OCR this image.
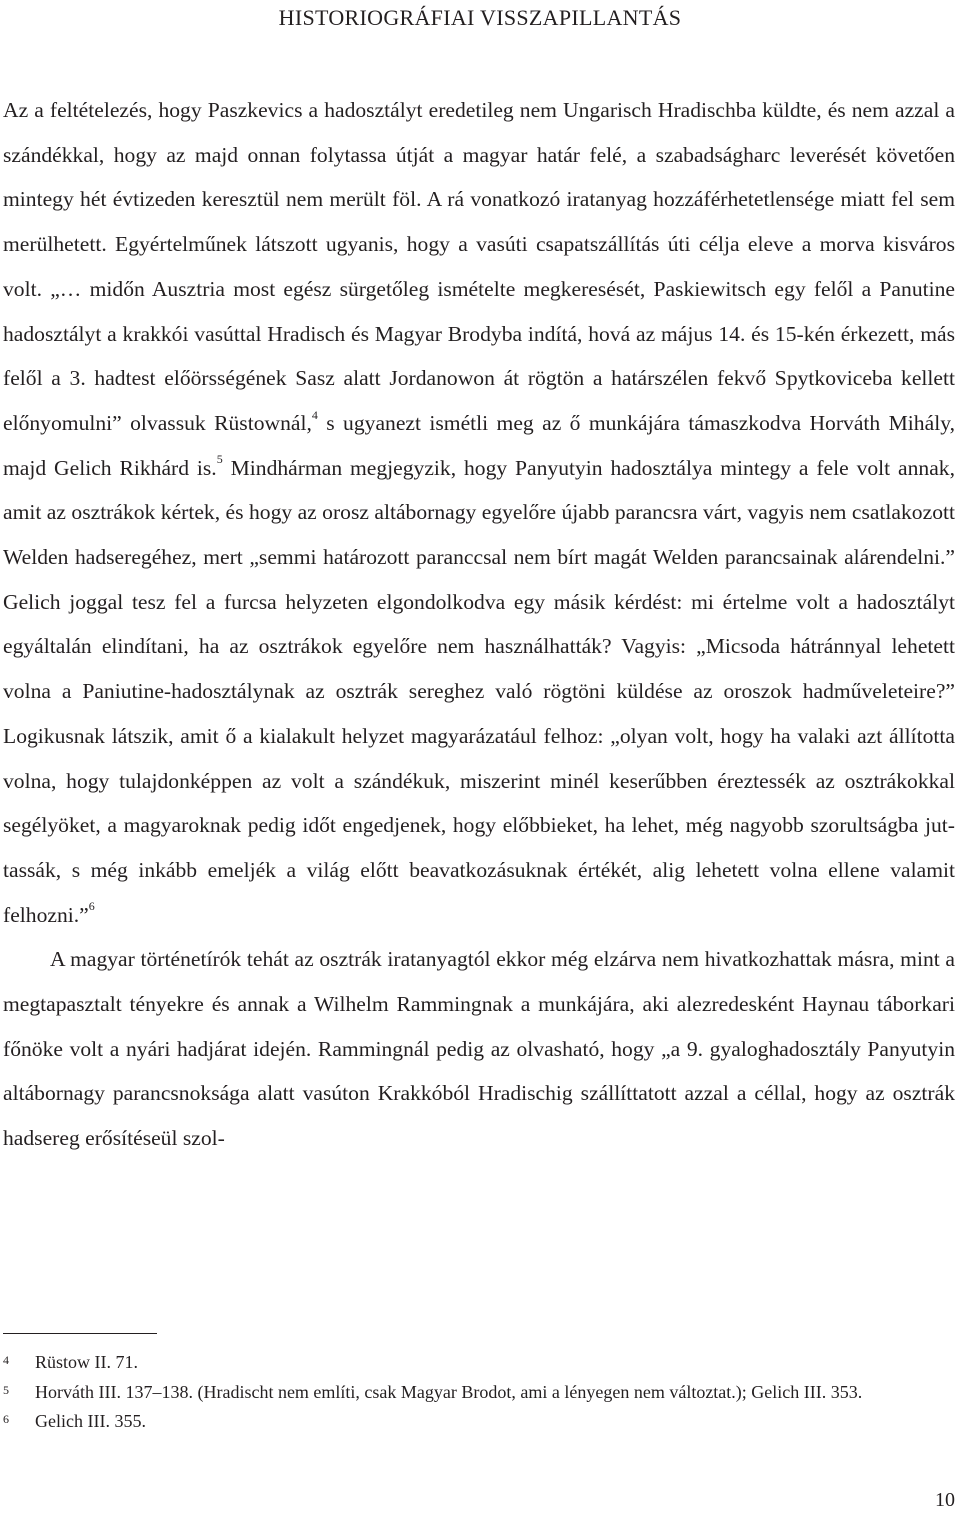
HISTORIOGRÁFIAI VISSZAPILLANTÁS

Az a feltételezés, hogy Paszkevics a hadosztályt eredetileg nem Ungarisch Hradischba küldte, és nem azzal a szándékkal, hogy az majd onnan folytassa útját a magyar határ felé, a szabadságharc leverését követően mintegy hét évtizeden keresztül nem merült föl. A rá vonatkozó iratanyag hozzáférhetetlensége miatt fel sem merülhetett. Egyértelműnek látszott ugyanis, hogy a vasúti csapatszállítás úti célja eleve a morva kisváros volt. „… midőn Ausztria most egész sürgetőleg ismételte megkeresését, Paskiewitsch egy felől a Panutine hadosztályt a krakkói vasúttal Hradisch és Magyar Brodyba indítá, hová az május 14. és 15-kén érkezett, más felől a 3. hadtest előörsségének Sasz alatt Jordanowon át rögtön a határszélen fekvő Spytkoviceba kellett előnyomulni” olvassuk Rüstownál,$^4$ s ugyanezt ismétli meg az ő munkájára támaszkodva Horváth Mihály, majd Gelich Rikhárd is.$^5$ Mindhárman megjegyzik, hogy Panyutyin hadosztálya mintegy a fele volt annak, amit az osztrákok kértek, és hogy az orosz altábornagy egyelőre újabb parancsra várt, vagyis nem csatlakozott Welden hadseregéhez, mert „semmi határozott paranccsal nem bírt magát Welden parancsainak alárendelni.” Gelich joggal tesz fel a furcsa helyzeten elgondolkodva egy másik kérdést: mi értelme volt a hadosztályt egyáltalán elindítani, ha az osztrákok egyelőre nem használhatták? Vagyis: „Micsoda hátránnyal lehetett volna a Paniutine-hadosztálynak az osztrák sereghez való rögtöni küldése az oroszok hadműveleteire?” Logikusnak látszik, amit ő a kialakult helyzet magyarázatául felhoz: „olyan volt, hogy ha valaki azt állította volna, hogy tulajdonképpen az volt a szándékuk, miszerint minél keserűbben éreztessék az osztrákokkal segélyöket, a magyaroknak pedig időt engedjenek, hogy előbbieket, ha lehet, még nagyobb szorultságba juttassák, s még inkább emeljék a világ előtt beavatkozásuknak értékét, alig lehetett volna ellene valamit felhozni.”$^6$

A magyar történetírók tehát az osztrák iratanyagtól ekkor még elzárva nem hivatkozhattak másra, mint a megtapasztalt tényekre és annak a Wilhelm Rammingnak a munkájára, aki alezredesként Haynau táborkari főnöke volt a nyári hadjárat idején. Rammingnál pedig az olvasható, hogy „a 9. gyaloghadosztály Panyutyin altábornagy parancsnoksága alatt vasúton Krakkóból Hradischig szállíttatott azzal a céllal, hogy az osztrák hadsereg erősítéseül szol-

4 Rüstow II. 71.

5 Horváth III. 137–138. (Hradischt nem említi, csak Magyar Brodot, ami a lényegen nem változtat.); Gelich III. 353.

6 Gelich III. 355.

10
